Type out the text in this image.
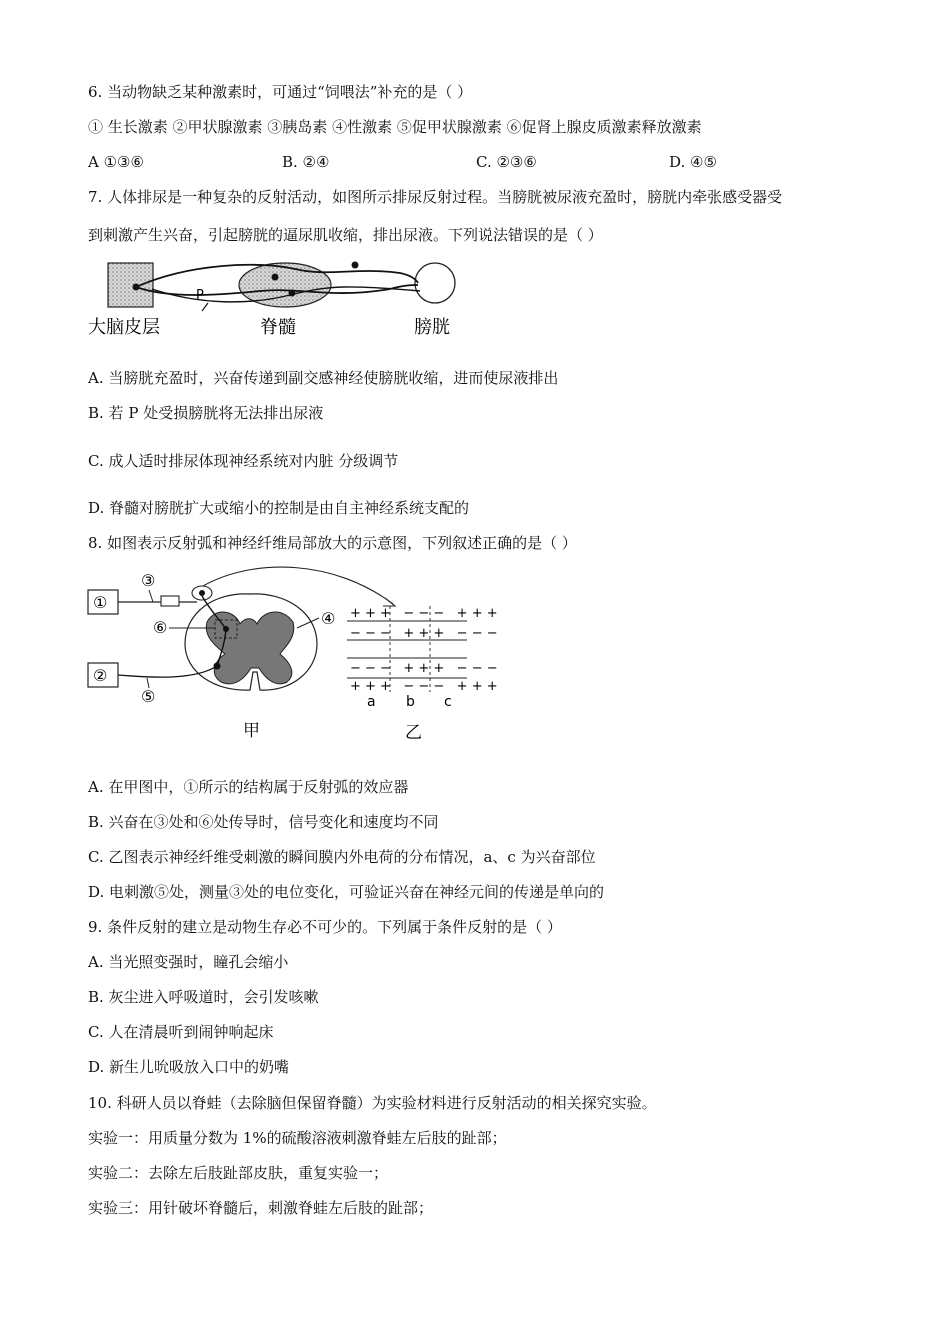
6. 当动物缺乏某种激素时，可通过“饲喂法”补充的是（ ）
① 生长激素 ②甲状腺激素 ③胰岛素 ④性激素 ⑤促甲状腺激素 ⑥促肾上腺皮质激素释放激素
A ①③⑥	B. ②④	C. ②③⑥	D. ④⑤
7. 人体排尿是一种复杂的反射活动，如图所示排尿反射过程。当膀胱被尿液充盈时，膀胱内牵张感受器受
到刺激产生兴奋，引起膀胱的逼尿肌收缩，排出尿液。下列说法错误的是（ ）
P
大脑皮层	脊髓	膀胱
A. 当膀胱充盈时，兴奋传递到副交感神经使膀胱收缩，进而使尿液排出
B. 若 P 处受损膀胱将无法排出尿液
C. 成人适时排尿体现神经系统对内脏 分级调节
D. 脊髓对膀胱扩大或缩小的控制是由自主神经系统支配的
8. 如图表示反射弧和神经纤维局部放大的示意图，下列叙述正确的是（ ）
①
②
③
⑤
⑥	④
甲
+ + +   − − −   + + +
− − −   + + +   − − −
− − −   + + +   − − −
+ + +   − − −   + + +
a b c
乙
A. 在甲图中，①所示的结构属于反射弧的效应器
B. 兴奋在③处和⑥处传导时，信号变化和速度均不同
C. 乙图表示神经纤维受刺激的瞬间膜内外电荷的分布情况，a、c 为兴奋部位
D. 电刺激⑤处，测量③处的电位变化，可验证兴奋在神经元间的传递是单向的
9. 条件反射的建立是动物生存必不可少的。下列属于条件反射的是（ ）
A. 当光照变强时，瞳孔会缩小
B. 灰尘进入呼吸道时，会引发咳嗽
C. 人在清晨听到闹钟响起床
D. 新生儿吮吸放入口中的奶嘴
10. 科研人员以脊蛙（去除脑但保留脊髓）为实验材料进行反射活动的相关探究实验。
实验一：用质量分数为 1%的硫酸溶液刺激脊蛙左后肢的趾部；
实验二：去除左后肢趾部皮肤，重复实验一；
实验三：用针破坏脊髓后，刺激脊蛙左后肢的趾部；
